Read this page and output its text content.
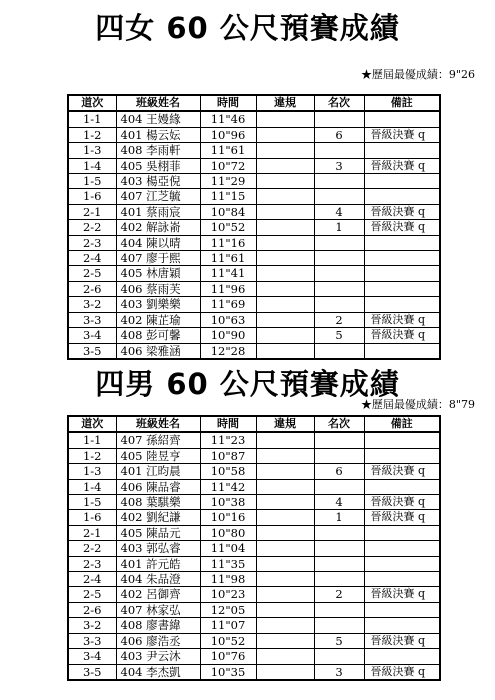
四女 60 公尺預賽成績
★歷屆最優成績：9"26
道次	班級姓名	時間	違規	名次	備註
1-1	404 王嫚緣	11"46			
1-2	401 楊云妘	10"96		6	晉級決賽 q
1-3	408 李雨軒	11"61			
1-4	405 吳栩菲	10"72		3	晉級決賽 q
1-5	403 楊亞倪	11"29			
1-6	407 江芝毓	11"15			
2-1	401 蔡雨宸	10"84		4	晉級決賽 q
2-2	402 解詠嵛	10"52		1	晉級決賽 q
2-3	404 陳以晴	11"16			
2-4	407 廖于熙	11"61			
2-5	405 林唐穎	11"41			
2-6	406 蔡雨芙	11"96			
3-2	403 劉樂樂	11"69			
3-3	402 陳芷瑜	10"63		2	晉級決賽 q
3-4	408 彭可馨	10"90		5	晉級決賽 q
3-5	406 梁雅涵	12"28			
四男 60 公尺預賽成績
★歷屆最優成績：8"79
道次	班級姓名	時間	違規	名次	備註
1-1	407 孫紹齊	11"23			
1-2	405 陸昱亨	10"87			
1-3	401 江昀晨	10"58		6	晉級決賽 q
1-4	406 陳品睿	11"42			
1-5	408 葉騏樂	10"38		4	晉級決賽 q
1-6	402 劉紀謙	10"16		1	晉級決賽 q
2-1	405 陳品元	10"80			
2-2	403 郭弘睿	11"04			
2-3	401 許元皓	11"35			
2-4	404 朱品澄	11"98			
2-5	402 呂御齊	10"23		2	晉級決賽 q
2-6	407 林家弘	12"05			
3-2	408 廖書緯	11"07			
3-3	406 廖浩丞	10"52		5	晉級決賽 q
3-4	403 尹云沐	10"76			
3-5	404 李杰凱	10"35		3	晉級決賽 q
